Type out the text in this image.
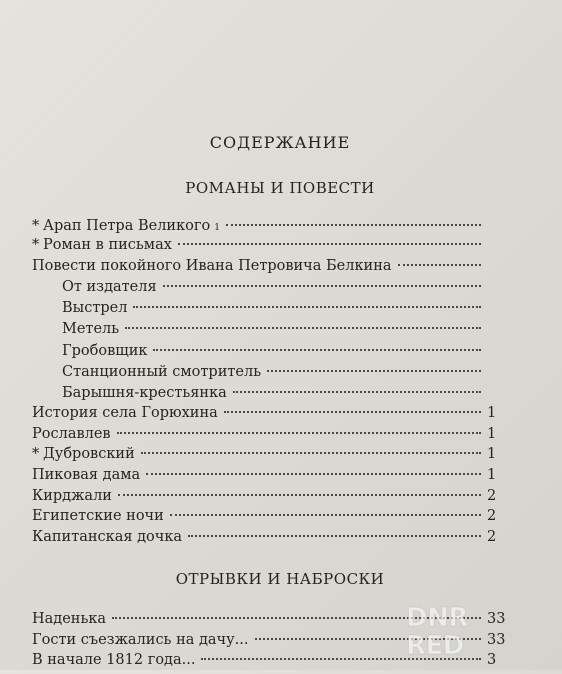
СОДЕРЖАНИЕ
РОМАНЫ И ПОВЕСТИ
* Арап Петра Великого 1
* Роман в письмах
Повести покойного Ивана Петровича Белкина
От издателя
Выстрел
Метель
Гробовщик
Станционный смотритель
Барышня-крестьянка
История села Горюхина	1
Рославлев	1
* Дубровский	1
Пиковая дама	1
Кирджали	2
Египетские ночи	2
Капитанская дочка	2
ОТРЫВКИ И НАБРОСКИ
Наденька	33
Гости съезжались на дачу...	33
В начале 1812 года...	3
DNR
RED
